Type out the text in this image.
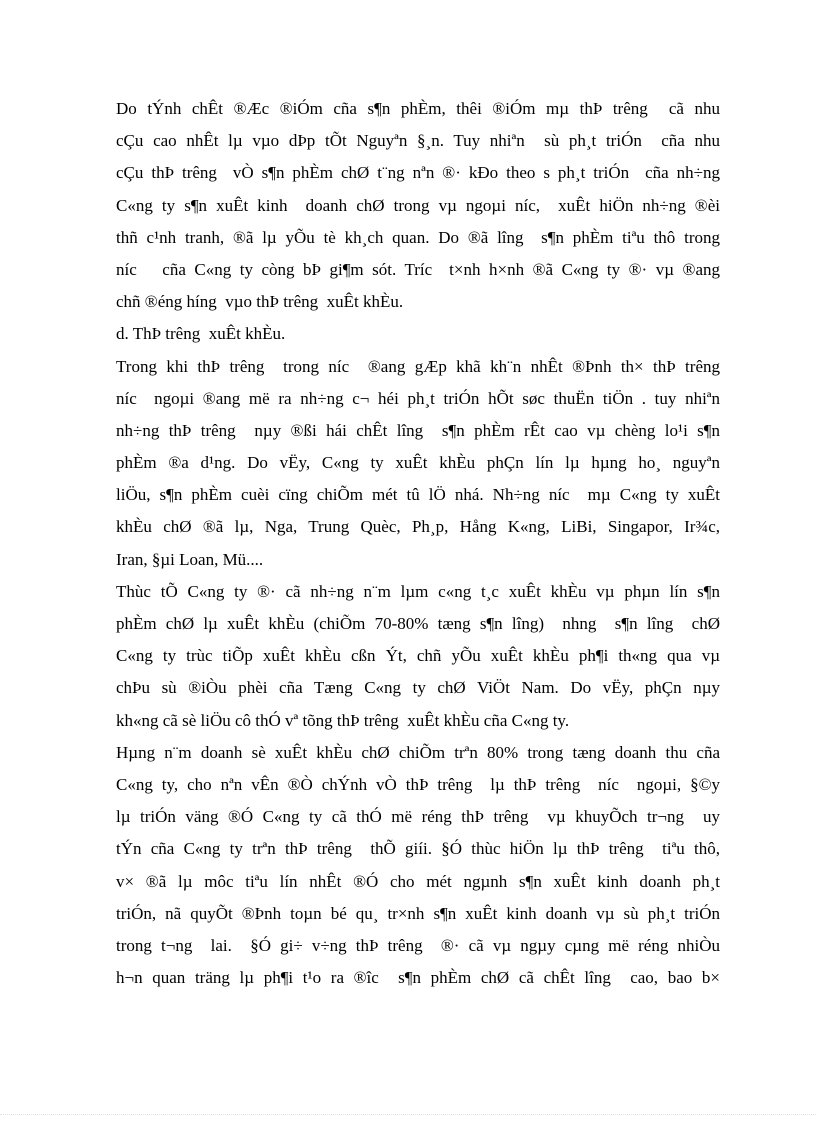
Do tÝnh chÊt ®Æc ®iÓm cña s¶n phÈm, thêi ®iÓm mµ thÞ trêng  cã nhu
cÇu cao nhÊt lµ vµo dÞp tÕt Nguyªn §¸n. Tuy nhiªn  sù ph¸t triÓn  cña nhu
cÇu thÞ trêng  vÒ s¶n phÈm chØ t¨ng nªn ®· kÐo theo s ph¸t triÓn  cña nh÷ng
C«ng ty s¶n xuÊt kinh  doanh chØ trong vµ ngoµi níc,  xuÊt hiÖn nh÷ng ®èi
thñ c¹nh tranh, ®ã lµ yÕu tè kh¸ch quan. Do ®ã lîng  s¶n phÈm tiªu thô trong
níc   cña C«ng ty còng bÞ gi¶m sót. Tríc  t×nh h×nh ®ã C«ng ty ®· vµ ®ang
chñ ®éng híng  vµo thÞ trêng  xuÊt khÈu.
d. ThÞ trêng  xuÊt khÈu.
Trong khi thÞ trêng  trong níc  ®ang gÆp khã kh¨n nhÊt ®Þnh th× thÞ trêng
níc  ngoµi ®ang më ra nh÷ng c¬ héi ph¸t triÓn hÕt søc thuËn tiÖn . tuy nhiªn
nh÷ng thÞ trêng  nµy ®ßi hái chÊt lîng  s¶n phÈm rÊt cao vµ chèng lo¹i s¶n
phÈm ®a d¹ng. Do vËy, C«ng ty xuÊt khÈu phÇn lín lµ hµng ho¸ nguyªn
liÖu, s¶n phÈm cuèi cïng chiÕm mét tû lÖ nhá. Nh÷ng níc  mµ C«ng ty xuÊt
khÈu chØ ®ã lµ, Nga, Trung Quèc, Ph¸p, Hång K«ng, LiBi, Singapor, Ir¾c,
Iran, §µi Loan, Mü....
Thùc tÕ C«ng ty ®· cã nh÷ng n¨m lµm c«ng t¸c xuÊt khÈu vµ phµn lín s¶n
phÈm chØ lµ xuÊt khÈu (chiÕm 70-80% tæng s¶n lîng)  nhng  s¶n lîng  chØ
C«ng ty trùc tiÕp xuÊt khÈu cßn Ýt, chñ yÕu xuÊt khÈu ph¶i th«ng qua vµ
chÞu sù ®iÒu phèi cña Tæng C«ng ty chØ ViÖt Nam. Do vËy, phÇn nµy
kh«ng cã sè liÖu cô thÓ vª tõng thÞ trêng  xuÊt khÈu cña C«ng ty.
Hµng n¨m doanh sè xuÊt khÈu chØ chiÕm trªn 80% trong tæng doanh thu cña
C«ng ty, cho nªn vÊn ®Ò chÝnh vÒ thÞ trêng  lµ thÞ trêng  níc  ngoµi, §©y
lµ triÓn väng ®Ó C«ng ty cã thÓ më réng thÞ trêng  vµ khuyÕch tr¬ng  uy
tÝn cña C«ng ty trªn thÞ trêng  thÕ giíi. §Ó thùc hiÖn lµ thÞ trêng  tiªu thô,
v× ®ã lµ môc tiªu lín nhÊt ®Ó cho mét ngµnh s¶n xuÊt kinh doanh ph¸t
triÓn, nã quyÕt ®Þnh toµn bé qu¸ tr×nh s¶n xuÊt kinh doanh vµ sù ph¸t triÓn
trong t¬ng  lai.  §Ó gi÷ v÷ng thÞ trêng  ®· cã vµ ngµy cµng më réng nhiÒu
h¬n quan träng lµ ph¶i t¹o ra ®îc  s¶n phÈm chØ cã chÊt lîng  cao, bao b×
